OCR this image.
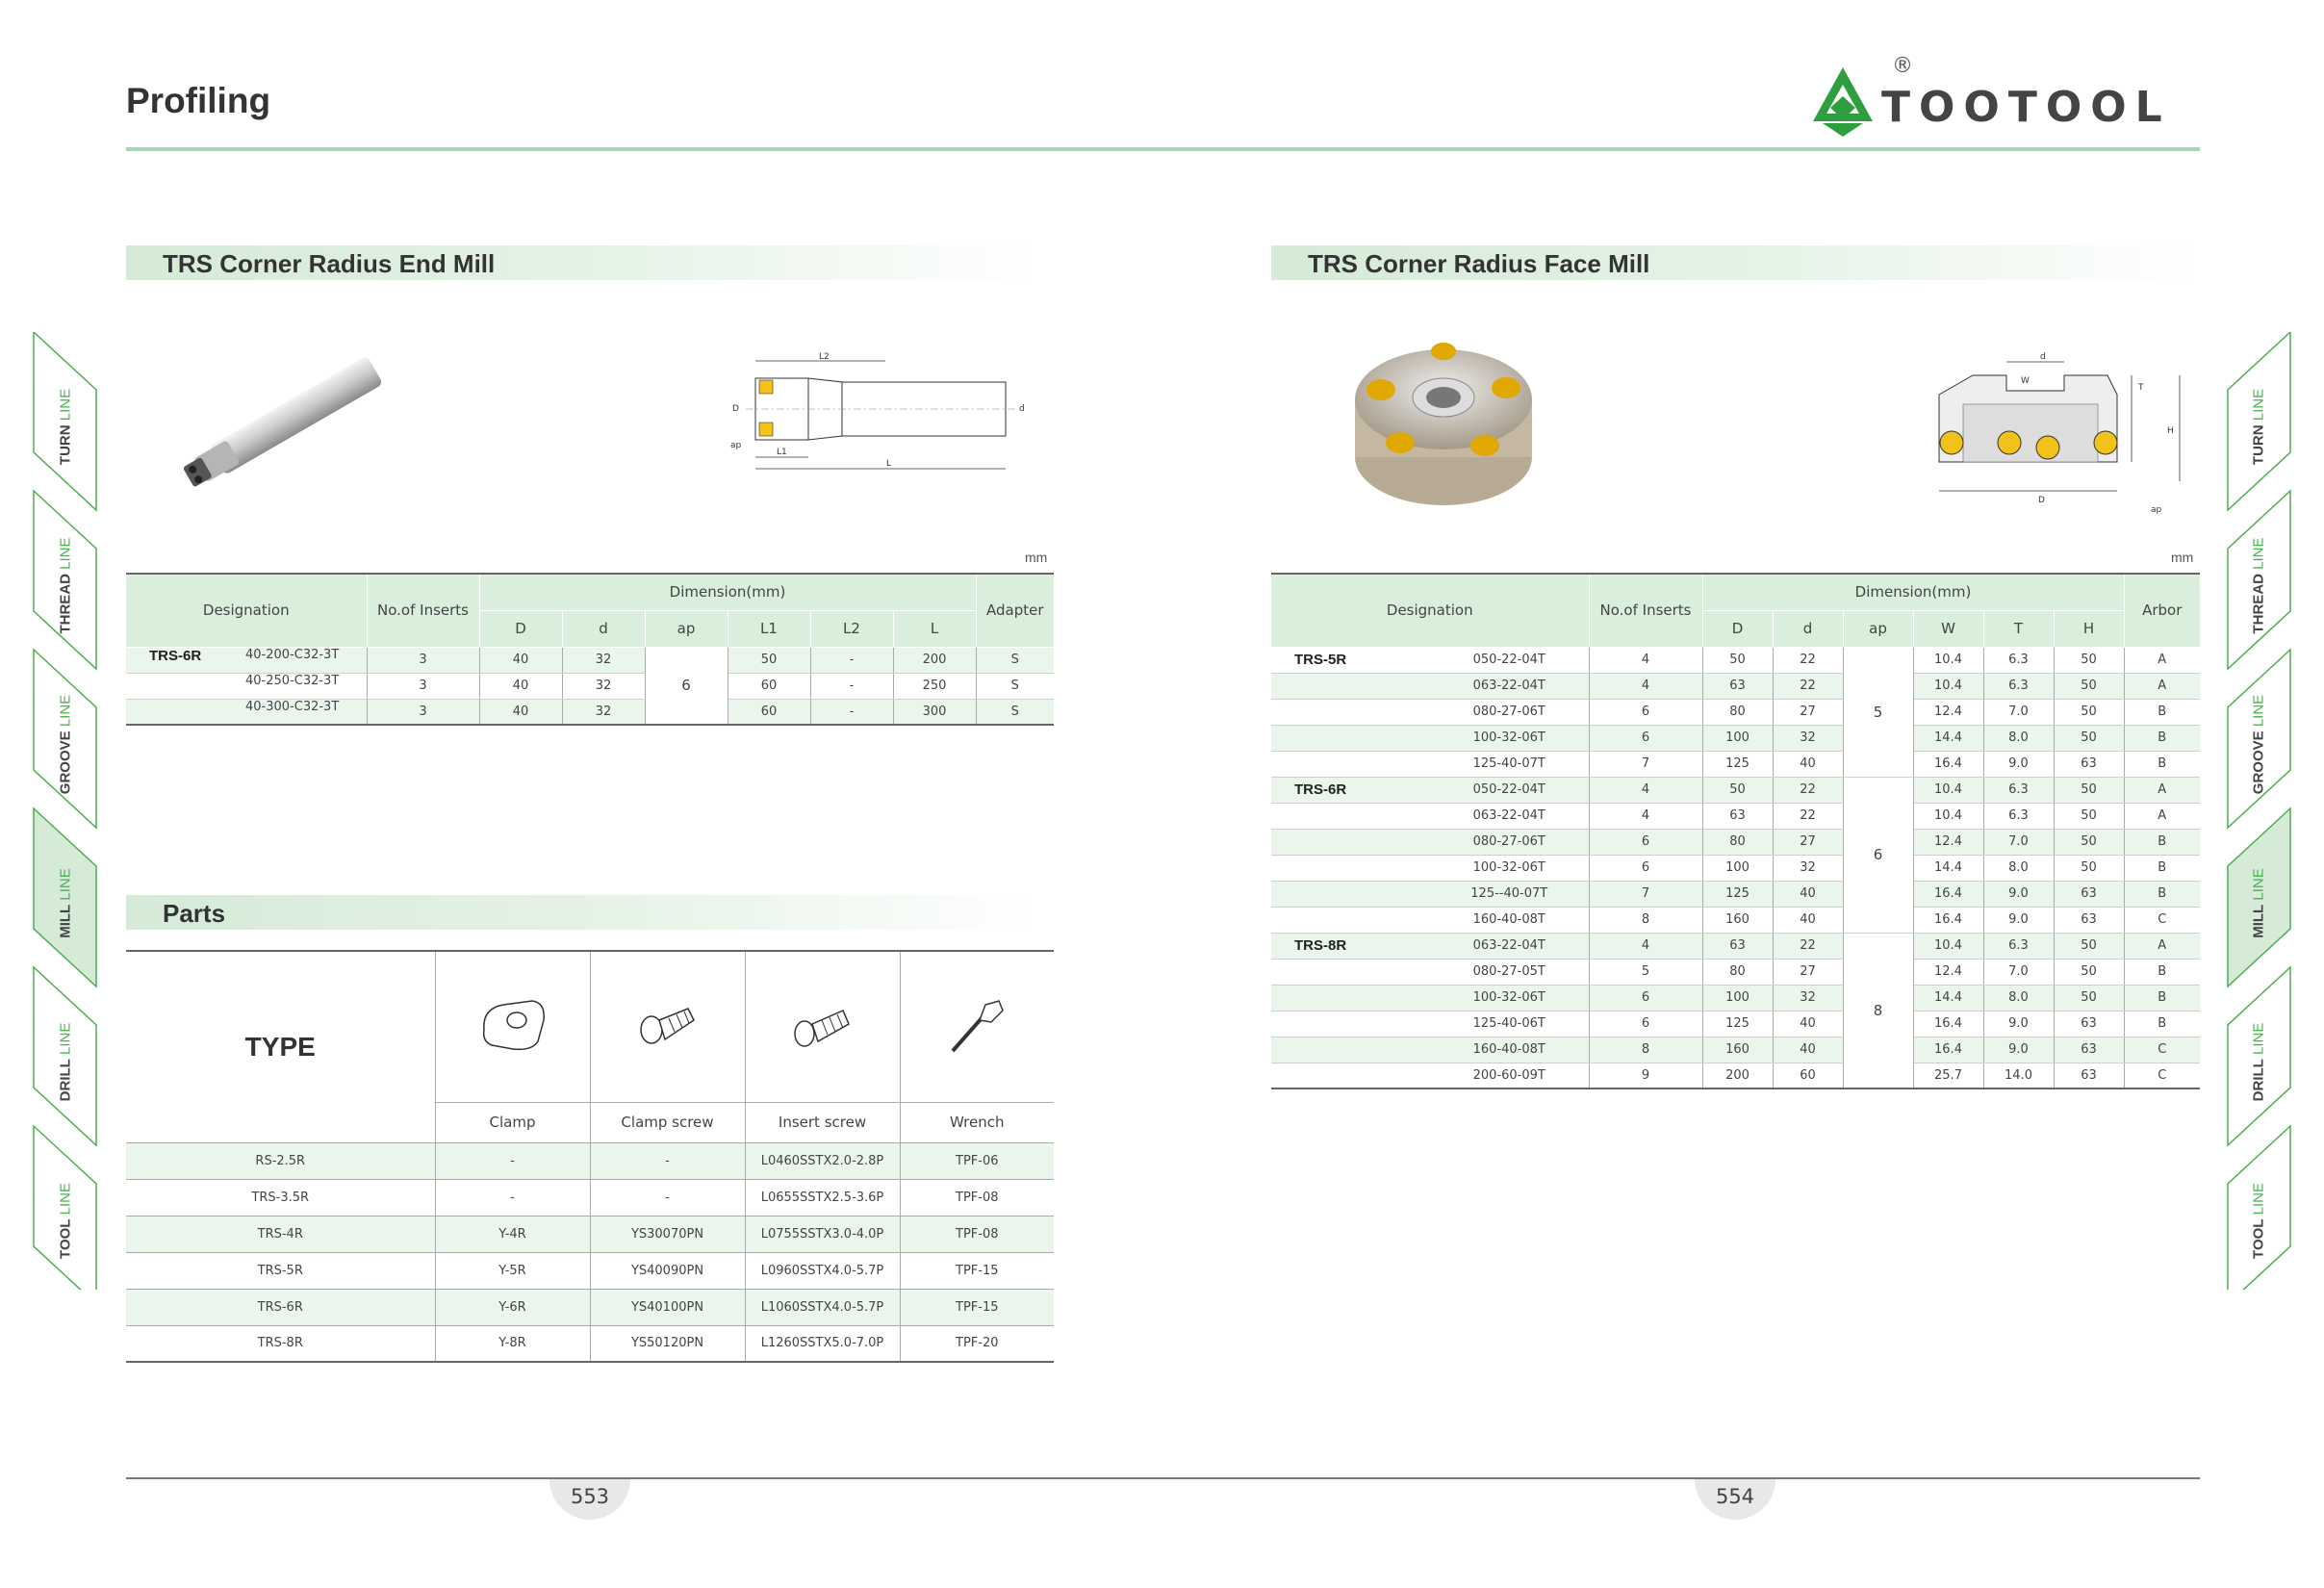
Profiling	TOOTOOL
®
TURN LINE
THREAD LINE
GROOVE LINE
MILL LINE
DRILL LINE
TOOL LINE
TURN LINE
THREAD LINE
GROOVE LINE
MILL LINE
DRILL LINE
TOOL LINE
TRS Corner Radius End Mill
L2
L1
L
D	d
ap
mm
Designation	No.of Inserts	Dimension(mm)						Adapter
		D	d	ap	L1	L2	L	

TRS-6R 40-200-C32-3T	3	40	32	6	50	-	200	S

40-250-C32-3T	3	40	32		60	-	250	S

40-300-C32-3T	3	40	32		60	-	300	S
Parts
TYPE				
	Clamp	Clamp screw	Insert screw	Wrench
RS-2.5R	-	-	L0460SSTX2.0-2.8P	TPF-06
TRS-3.5R	-	-	L0655SSTX2.5-3.6P	TPF-08
TRS-4R	Y-4R	YS30070PN	L0755SSTX3.0-4.0P	TPF-08
TRS-5R	Y-5R	YS40090PN	L0960SSTX4.0-5.7P	TPF-15
TRS-6R	Y-6R	YS40100PN	L1060SSTX4.0-5.7P	TPF-15
TRS-8R	Y-8R	YS50120PN	L1260SSTX5.0-7.0P	TPF-20
TRS Corner Radius Face Mill
d
W
T
H
D
ap
mm
Designation		No.of Inserts	Dimension(mm)						Arbor
			D	d	ap	W	T	H	
TRS-5R	050-22-04T	4	50	22	5	10.4	6.3	50	A
	063-22-04T	4	63	22		10.4	6.3	50	A
	080-27-06T	6	80	27		12.4	7.0	50	B
	100-32-06T	6	100	32		14.4	8.0	50	B
	125-40-07T	7	125	40		16.4	9.0	63	B
TRS-6R	050-22-04T	4	50	22	6	10.4	6.3	50	A
	063-22-04T	4	63	22		10.4	6.3	50	A
	080-27-06T	6	80	27		12.4	7.0	50	B
	100-32-06T	6	100	32		14.4	8.0	50	B
	125--40-07T	7	125	40		16.4	9.0	63	B
	160-40-08T	8	160	40		16.4	9.0	63	C
TRS-8R	063-22-04T	4	63	22	8	10.4	6.3	50	A
	080-27-05T	5	80	27		12.4	7.0	50	B
	100-32-06T	6	100	32		14.4	8.0	50	B
	125-40-06T	6	125	40		16.4	9.0	63	B
	160-40-08T	8	160	40		16.4	9.0	63	C
	200-60-09T	9	200	60		25.7	14.0	63	C
553	554
